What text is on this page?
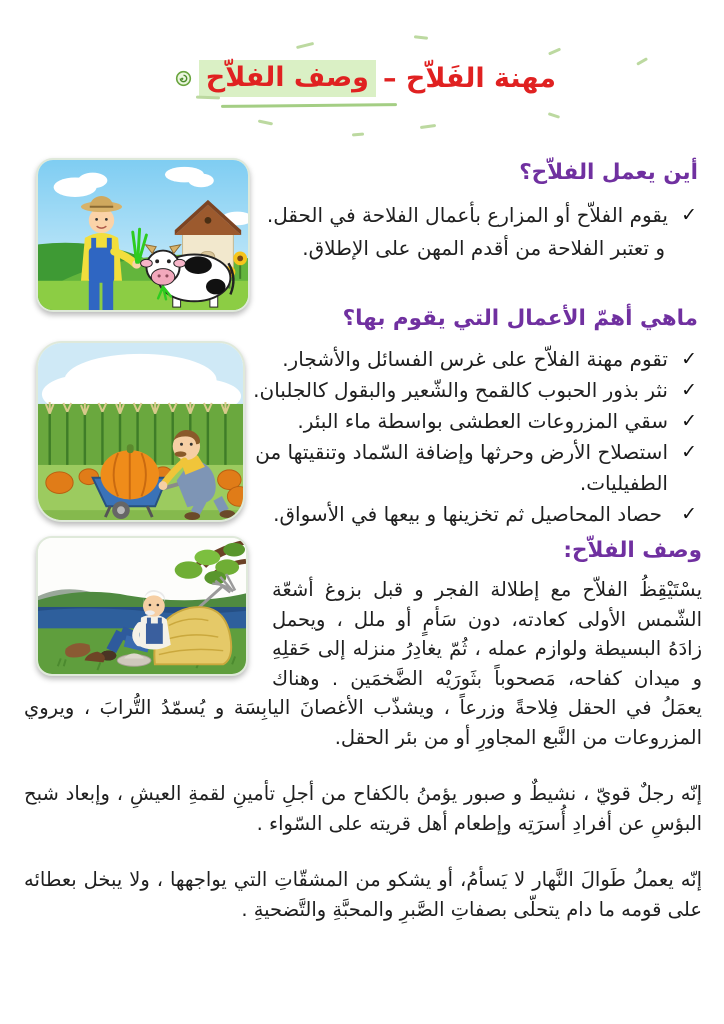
مهنة الفَلاّح –
وصف الفلاّح
أين يعمل الفلاّح؟
✓
يقوم الفلاّح أو المزارع بأعمال الفلاحة في الحقل.
و تعتبر الفلاحة من أقدم المهن على الإطلاق.
ماهي أهمّ الأعمال التي يقوم بها؟
✓
تقوم مهنة الفلاّح على غرس الفسائل والأشجار.
✓
نثر بذور الحبوب كالقمح والشّعير والبقول كالجلبان.
✓
سقي المزروعات العطشى بواسطة ماء البئر.
✓
استصلاح الأرض وحرثها وإضافة السّماد وتنقيتها من الطفيليات.
✓
حصاد المحاصيل ثم تخزينها و بيعها في الأسواق.
وصف الفلاّح:

يسْتَيْقِظُ الفلاّح مع إطلالة الفجر و قبل بزوغ أشعّة الشّمس الأولى كعادته، دون سَأمٍ أو ملل ، ويحمل زادَهُ البسيطة ولوازم عمله ، ثُمّ يغادِرُ منزله إلى حَقلِهِ و ميدان كفاحه، مَصحوباً بثَورَيْه الضَّخمَين . وهناك يعمَلُ في الحقل فِلاحةً وزرعاً ، ويشذّب الأغصانَ اليابِسَة و يُسمّدُ التُّرابَ ، ويروي المزروعات من النَّبع المجاورِ أو من بئر الحقل.

إنّه رجلٌ قويّ ، نشيطٌ و صبور يؤمنُ بالكفاح من أجلِ تأمينِ لقمةِ العيشِ ، وإبعاد شبح البؤسِ عن أفرادِ أُسرَتِه وإطعام أهل قريته على السّواء .

إنّه يعملُ طَوالَ النَّهار لا يَسأمُ، أو يشكو من المشقّاتِ التي يواجهها ، ولا يبخل بعطائه على قومه ما دام يتحلّى بصفاتِ الصَّبرِ والمحبَّةِ والتَّضحيةِ .
